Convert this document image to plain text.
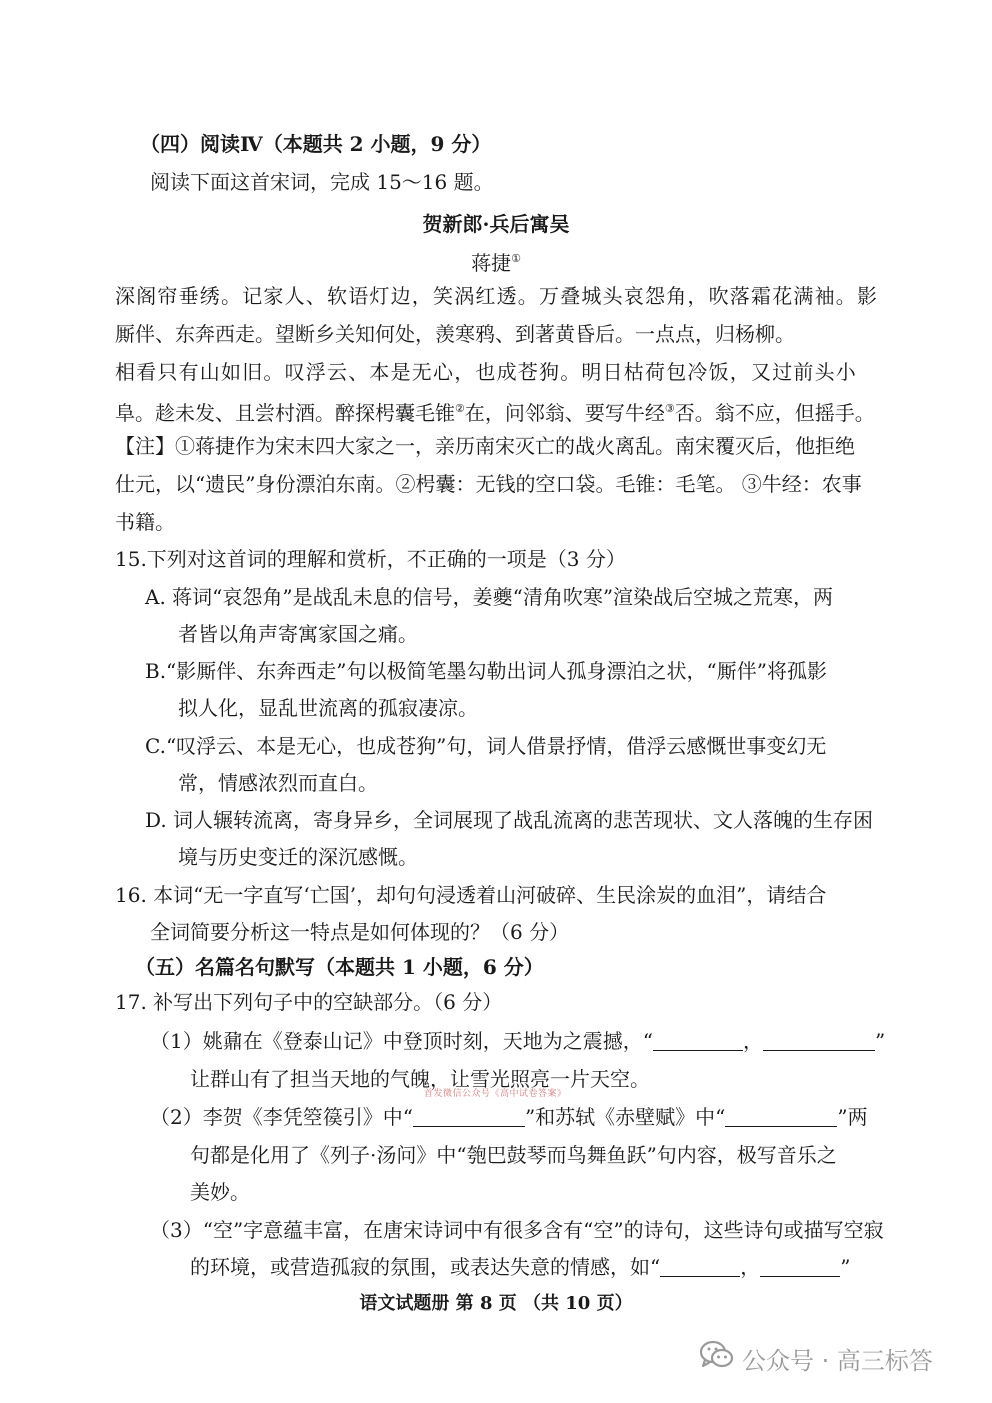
（四）阅读Ⅳ（本题共 2 小题，9 分）
阅读下面这首宋词，完成 15～16 题。
贺新郎·兵后寓吴
蒋捷①
深阁帘垂绣。记家人、软语灯边，笑涡红透。万叠城头哀怨角，吹落霜花满袖。影
厮伴、东奔西走。望断乡关知何处，羡寒鸦、到著黄昏后。一点点，归杨柳。
相看只有山如旧。叹浮云、本是无心，也成苍狗。明日枯荷包冷饭，又过前头小
阜。趁未发、且尝村酒。醉探枵囊毛锥②在，问邻翁、要写牛经③否。翁不应，但摇手。
【注】①蒋捷作为宋末四大家之一，亲历南宋灭亡的战火离乱。南宋覆灭后，他拒绝
仕元，以“遗民”身份漂泊东南。②枵囊：无钱的空口袋。毛锥：毛笔。 ③牛经：农事
书籍。
15.下列对这首词的理解和赏析，不正确的一项是（3 分）
A. 蒋词“哀怨角”是战乱未息的信号，姜夔“清角吹寒”渲染战后空城之荒寒，两
者皆以角声寄寓家国之痛。
B.“影厮伴、东奔西走”句以极简笔墨勾勒出词人孤身漂泊之状，“厮伴”将孤影
拟人化，显乱世流离的孤寂凄凉。
C.“叹浮云、本是无心，也成苍狗”句，词人借景抒情，借浮云感慨世事变幻无
常，情感浓烈而直白。
D. 词人辗转流离，寄身异乡，全词展现了战乱流离的悲苦现状、文人落魄的生存困
境与历史变迁的深沉感慨。
16. 本词“无一字直写‘亡国’，却句句浸透着山河破碎、生民涂炭的血泪”，请结合
全词简要分析这一特点是如何体现的？（6 分）
（五）名篇名句默写（本题共 1 小题，6 分）
17. 补写出下列句子中的空缺部分。（6 分）
（1）姚鼐在《登泰山记》中登顶时刻，天地为之震撼，“	，	”
让群山有了担当天地的气魄，让雪光照亮一片天空。
首发微信公众号《高中试卷答案》
（2）李贺《李凭箜篌引》中“	”和苏轼《赤壁赋》中“	”两
句都是化用了《列子·汤问》中“匏巴鼓琴而鸟舞鱼跃”句内容，极写音乐之
美妙。
（3）“空”字意蕴丰富，在唐宋诗词中有很多含有“空”的诗句，这些诗句或描写空寂
的环境，或营造孤寂的氛围，或表达失意的情感，如“	，	”
语文试题册 第 8 页 （共 10 页）
公众号 · 高三标答
